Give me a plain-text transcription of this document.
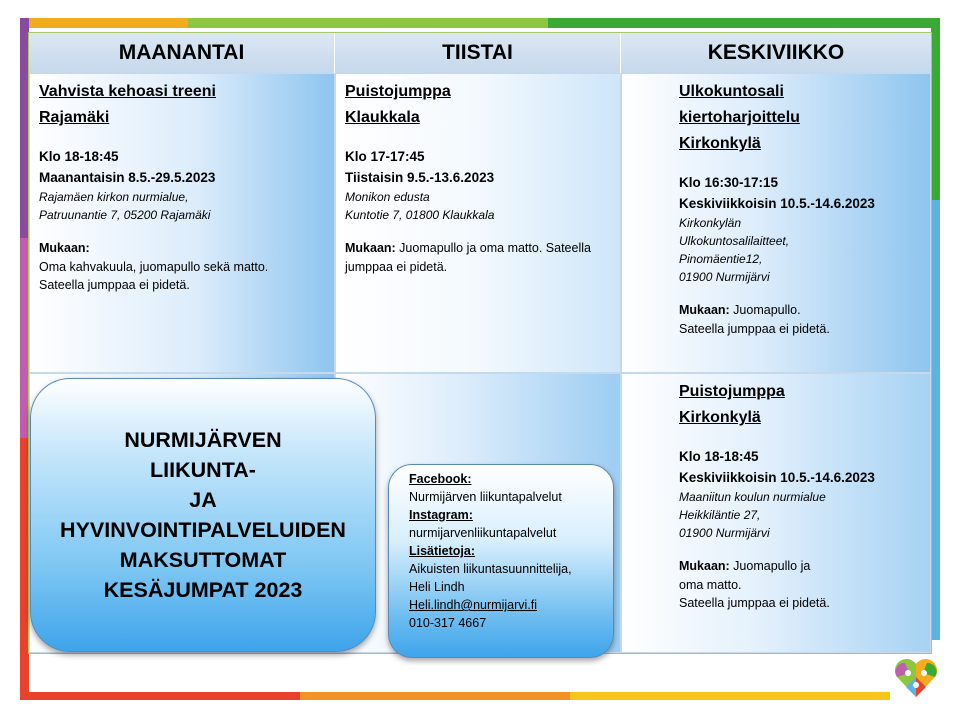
MAANANTAI	TIISTAI	KESKIVIIKKO
Vahvista kehoasi treeni
Rajamäki
Klo 18-18:45
Maanantaisin 8.5.-29.5.2023
Rajamäen kirkon nurmialue,
Patruunantie 7, 05200 Rajamäki
Mukaan:
Oma kahvakuula, juomapullo sekä matto.
Sateella jumppaa ei pidetä.
Puistojumppa
Klaukkala
Klo 17-17:45
Tiistaisin 9.5.-13.6.2023
Monikon edusta
Kuntotie 7, 01800 Klaukkala
Mukaan: Juomapullo ja oma matto. Sateella
jumppaa ei pidetä.
Ulkokuntosali
kiertoharjoittelu
Kirkonkylä
Klo 16:30-17:15
Keskiviikkoisin 10.5.-14.6.2023
Kirkonkylän
Ulkokuntosalilaitteet,
Pinomäentie12,
01900 Nurmijärvi
Mukaan: Juomapullo.
Sateella jumppaa ei pidetä.
Puistojumppa
Kirkonkylä
Klo 18-18:45
Keskiviikkoisin 10.5.-14.6.2023
Maaniitun koulun nurmialue
Heikkiläntie 27,
01900 Nurmijärvi
Mukaan: Juomapullo ja
oma matto.
Sateella jumppaa ei pidetä.
NURMIJÄRVEN
LIIKUNTA-
JA
HYVINVOINTIPALVELUIDEN
MAKSUTTOMAT
KESÄJUMPAT 2023
Facebook:
Nurmijärven liikuntapalvelut
Instagram:
nurmijarvenliikuntapalvelut
Lisätietoja:
Aikuisten liikuntasuunnittelija,
Heli Lindh
Heli.lindh@nurmijarvi.fi
010-317 4667
